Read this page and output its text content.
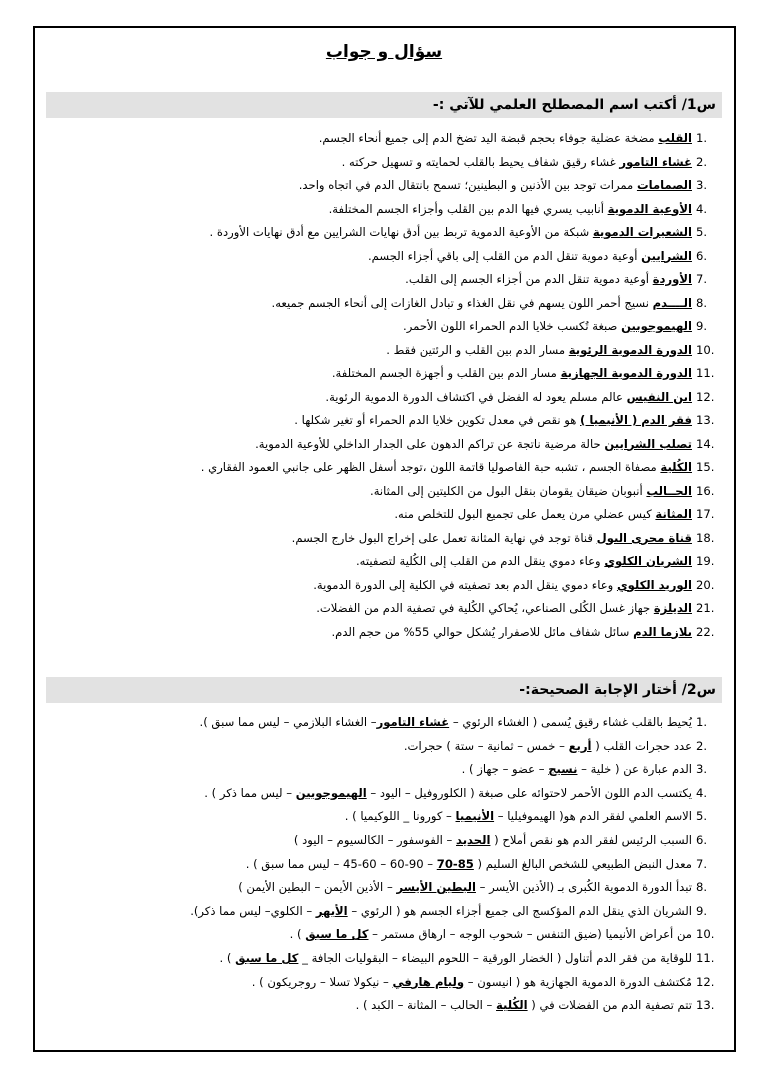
سؤال و جواب
س1/ أكتب اسم المصطلح العلمي للآتي :-
1.
القلب مضخة عضلية جوفاء بحجم قبضة اليد تضخ الدم إلى جميع أنحاء الجسم.
2.
غشاء التامور غشاء رقيق شفاف يحيط بالقلب لحمايته و تسهيل حركته .
3.
الصمامات ممرات توجد بين الأذنين و البطينين؛ تسمح بانتقال الدم في اتجاه واحد.
4.
الأوعية الدموية أنابيب يسري فيها الدم بين القلب وأجزاء الجسم المختلفة.
5.
الشعيرات الدموية شبكة من الأوعية الدموية تربط بين أدق نهايات الشرايين مع أدق نهايات الأوردة .
6.
الشرايين أوعية دموية تنقل الدم من القلب إلى باقي أجزاء الجسم.
7.
الأوردة أوعية دموية تنقل الدم من أجزاء الجسم إلى القلب.
8.
الــــدم نسيج أحمر اللون يسهم في نقل الغذاء و تبادل الغازات إلى أنحاء الجسم جميعه.
9.
الهيموجوبين صبغة تُكسب خلايا الدم الحمراء اللون الأحمر.
10.
الدورة الدموية الرئوية مسار الدم بين القلب و الرئتين فقط .
11.
الدورة الدموية الجهازية مسار الدم بين القلب و أجهزة الجسم المختلفة.
12.
ابن النفيس عالم مسلم يعود له الفضل في اكتشاف الدورة الدموية الرئوية.
13.
فقر الدم ( الأنيميا ) هو نقص في معدل تكوين خلايا الدم الحمراء أو تغير شكلها .
14.
تصلب الشرايين حالة مرضية ناتجة عن تراكم الدهون على الجدار الداخلي للأوعية الدموية.
15.
الكُلية مصفاة الجسم ، تشبه حبة الفاصوليا قاتمة اللون ،توجد أسفل الظهر على جانبي العمود الفقاري .
16.
الحــالب أنبوبان ضيقان يقومان بنقل البول من الكليتين إلى المثانة.
17.
المثانة كيس عضلي مرن يعمل على تجميع البول للتخلص منه.
18.
قناة مجرى البول قناة توجد في نهاية المثانة تعمل على إخراج البول خارج الجسم.
19.
الشريان الكلوي وعاء دموي ينقل الدم من القلب إلى الكُلية لتصفيته.
20.
الوريد الكلوي وعاء دموي ينقل الدم بعد تصفيته في الكلية إلى الدورة الدموية.
21.
الديلزة جهاز غسل الكُلى الصناعي، يُحاكي الكُلية في تصفية الدم من الفضلات.
22.
بلازما الدم سائل شفاف مائل للاصفرار يُشكل حوالي 55% من حجم الدم.
س2/ أختار الإجابة الصحيحة:-
1.
يُحيط بالقلب غشاء رقيق يُسمى ( الغشاء الرئوي – غشاء التامور– الغشاء البلازمي – ليس مما سبق ).
2.
عدد حجرات القلب ( أربع – خمس – ثمانية – ستة ) حجرات.
3.
الدم عبارة عن ( خلية – نسيج – عضو – جهاز ) .
4.
يكتسب الدم اللون الأحمر لاحتوائه على صبغة ( الكلوروفيل – اليود – الهيموجوبين – ليس مما ذكر ) .
5.
الاسم العلمي لفقر الدم هو( الهيموفيليا – الأنيميا – كورونا _ اللوكيميا ) .
6.
السبب الرئيس لفقر الدم هو نقص أملاح ( الحديد – الفوسفور – الكالسيوم – اليود )
7.
معدل النبض الطبيعي للشخص البالغ السليم ( 85-70 – 90-60 – 60-45 – ليس مما سبق ) .
8.
تبدأ الدورة الدموية الكُبرى بـ (الأذين الأيسر – البطين الأيسر – الأذين الأيمن – البطين الأيمن )
9.
الشريان الذي ينقل الدم المؤكسج الى جميع أجزاء الجسم هو ( الرئوي – الأبهر – الكلوي– ليس مما ذكر).
10.
من أعراض الأنيميا (ضيق التنفس – شحوب الوجه – ارهاق مستمر – كل ما سبق ) .
11.
للوقاية من فقر الدم أتناول ( الخضار الورقية – اللحوم البيضاء – البقوليات الجافة _ كل ما سبق ) .
12.
مُكتشف الدورة الدموية الجهازية هو ( انيسون – وليام هارفي – نيكولا تسلا – روجريكون ) .
13.
تتم تصفية الدم من الفضلات في ( الكُلية – الحالب – المثانة – الكبد ) .
